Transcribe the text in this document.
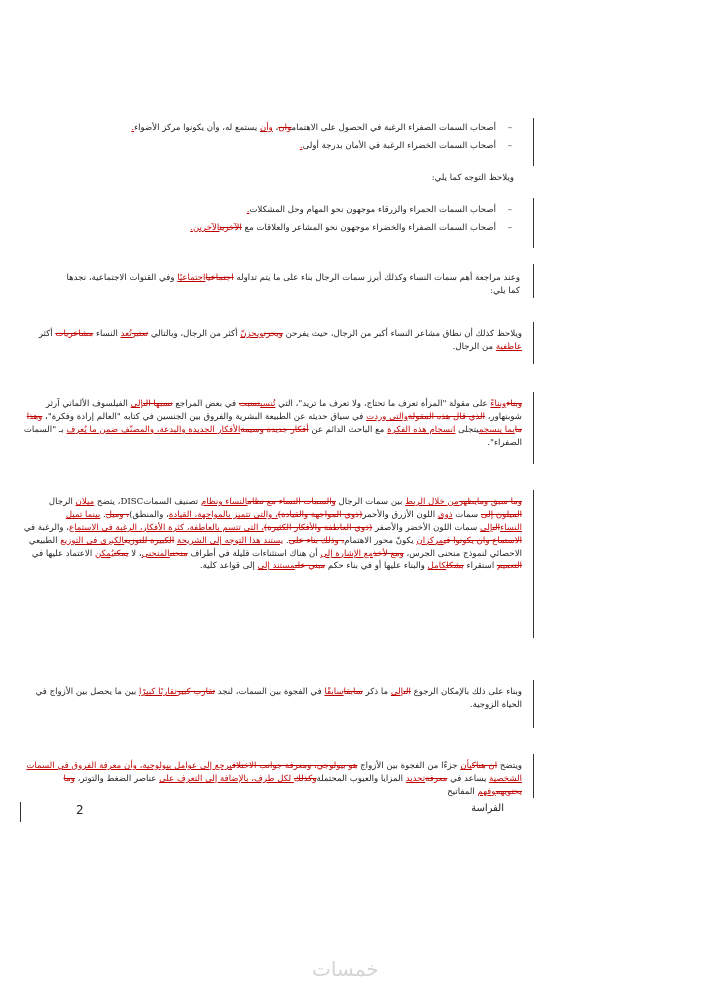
– أصحاب السمات الصفراء الرغبة في الحصول على الاهتماموان، وأن يستمع له، وأن يكونوا مركز الأضواء.

– أصحاب السمات الخضراء الرغبة في الأمان بدرجة أولى.

ويلاحظ التوجه كما يلي:

– أصحاب السمات الحمراء والزرقاء موجهون نحو المهام وحل المشكلات.

– أصحاب السمات الصفراء والخضراء موجهون نحو المشاعر والعلاقات مع الآخرينالآخرين.

وعند مراجعة أهم سمات النساء وكذلك أبرز سمات الرجال بناء على ما يتم تداوله اجتماعيااجتماعيًا وفي القنوات الاجتماعية، نجدها كما يلي:

ويلاحظ كذلك أن نطاق مشاعر النساء أكبر من الرجال، حيث يفرحن ويحزنويحزنّ أكثر من الرجال، وبالتالي تعتبرتُعد النساء مشاعريات أكثر عاطفية من الرجال.

وبناءوبناءً على مقولة "المرأة تعرف ما تحتاج، ولا تعرف ما تريد"، التي تُنسبنسبت في بعض المراجع نسبها الىإلى الفيلسوف الألماني آرثر شوبنهاور، الذي قال هذه المقولةوالتي وردت في سياق حديثه عن الطبيعة البشرية والفروق بين الجنسين في كتابه "العالم إرادة وفكرة"، وهذا مابما ينسجميتجلى انسجام هذه الفكرة مع الباحث الدائم عن أفكار جديدة وسيمةالأفكار الجديدة والبدعة، والمصنّف ضمن ما يُعرف بـ "السمات الصفراء".

وما سبق ومايظهرمن خلال الربط بين سمات الرجال والسمات النساء مع نظامالنساء ونظام تصنيف السماتDISC، يتضح ميلان الرجال الميلون إلى سمات ذوي اللون الأزرق والأحمر(ذوي المواجهة والقيادة)، والتي تتميز بالمواجهة، القيادة، والمنطق)، وميل. بينما تميل النساءالىإلى سمات اللون الأخضر والأصفر (ذوي العاطفة والأفكار الكثيرة)، التي تتسم بالعاطفة، كثرة الأفكار، الرغبة في الاستماع، والرغبة في الاستماع وان يكونوا فيمركزان يكونّ محور الاهتمام، وذلك بناء على. يستند هذا التوجه إلى الشريحة الكبيرة للتوزيعالكبرى في التوزيع الطبيعي الاحصائي لنموذج منحنى الجرس، ومع لأخذمع الإشارة إلى أن هناك استثناءات قليلة في أطراف منحنىالمنحنى، لا يمكنيُمكن الاعتماد عليها في التعميم استقراء بشكلكامل والبناء عليها أو في بناء حكم مبني علىمستند إلى إلى قواعد كلية.

وبناء على ذلك بالإمكان الرجوع الىإلى ما ذكر سابقاسابقًا في الفجوة بين السمات، لنجد تقارب كبيرتقاربًا كبيرًا بين ما يحصل بين الأزواج في الحياة الزوجية.

ويتضح ان هناكبأن جزءًا من الفجوة بين الأزواج هو بيولوجي، ومعرفة جوانب الاختلافيرجع إلى عوامل بيولوجية، وأن معرفة الفروق في السمات الشخصية يساعد في معرفةتحديد المزايا والعيوب المحتملةوكذلك لكل طرف، بالإضافة إلى التعرف على عناصر الضغط والتوتر، وما يحتويهموفهم المفاتيح

2	الفراسة
خمسات
